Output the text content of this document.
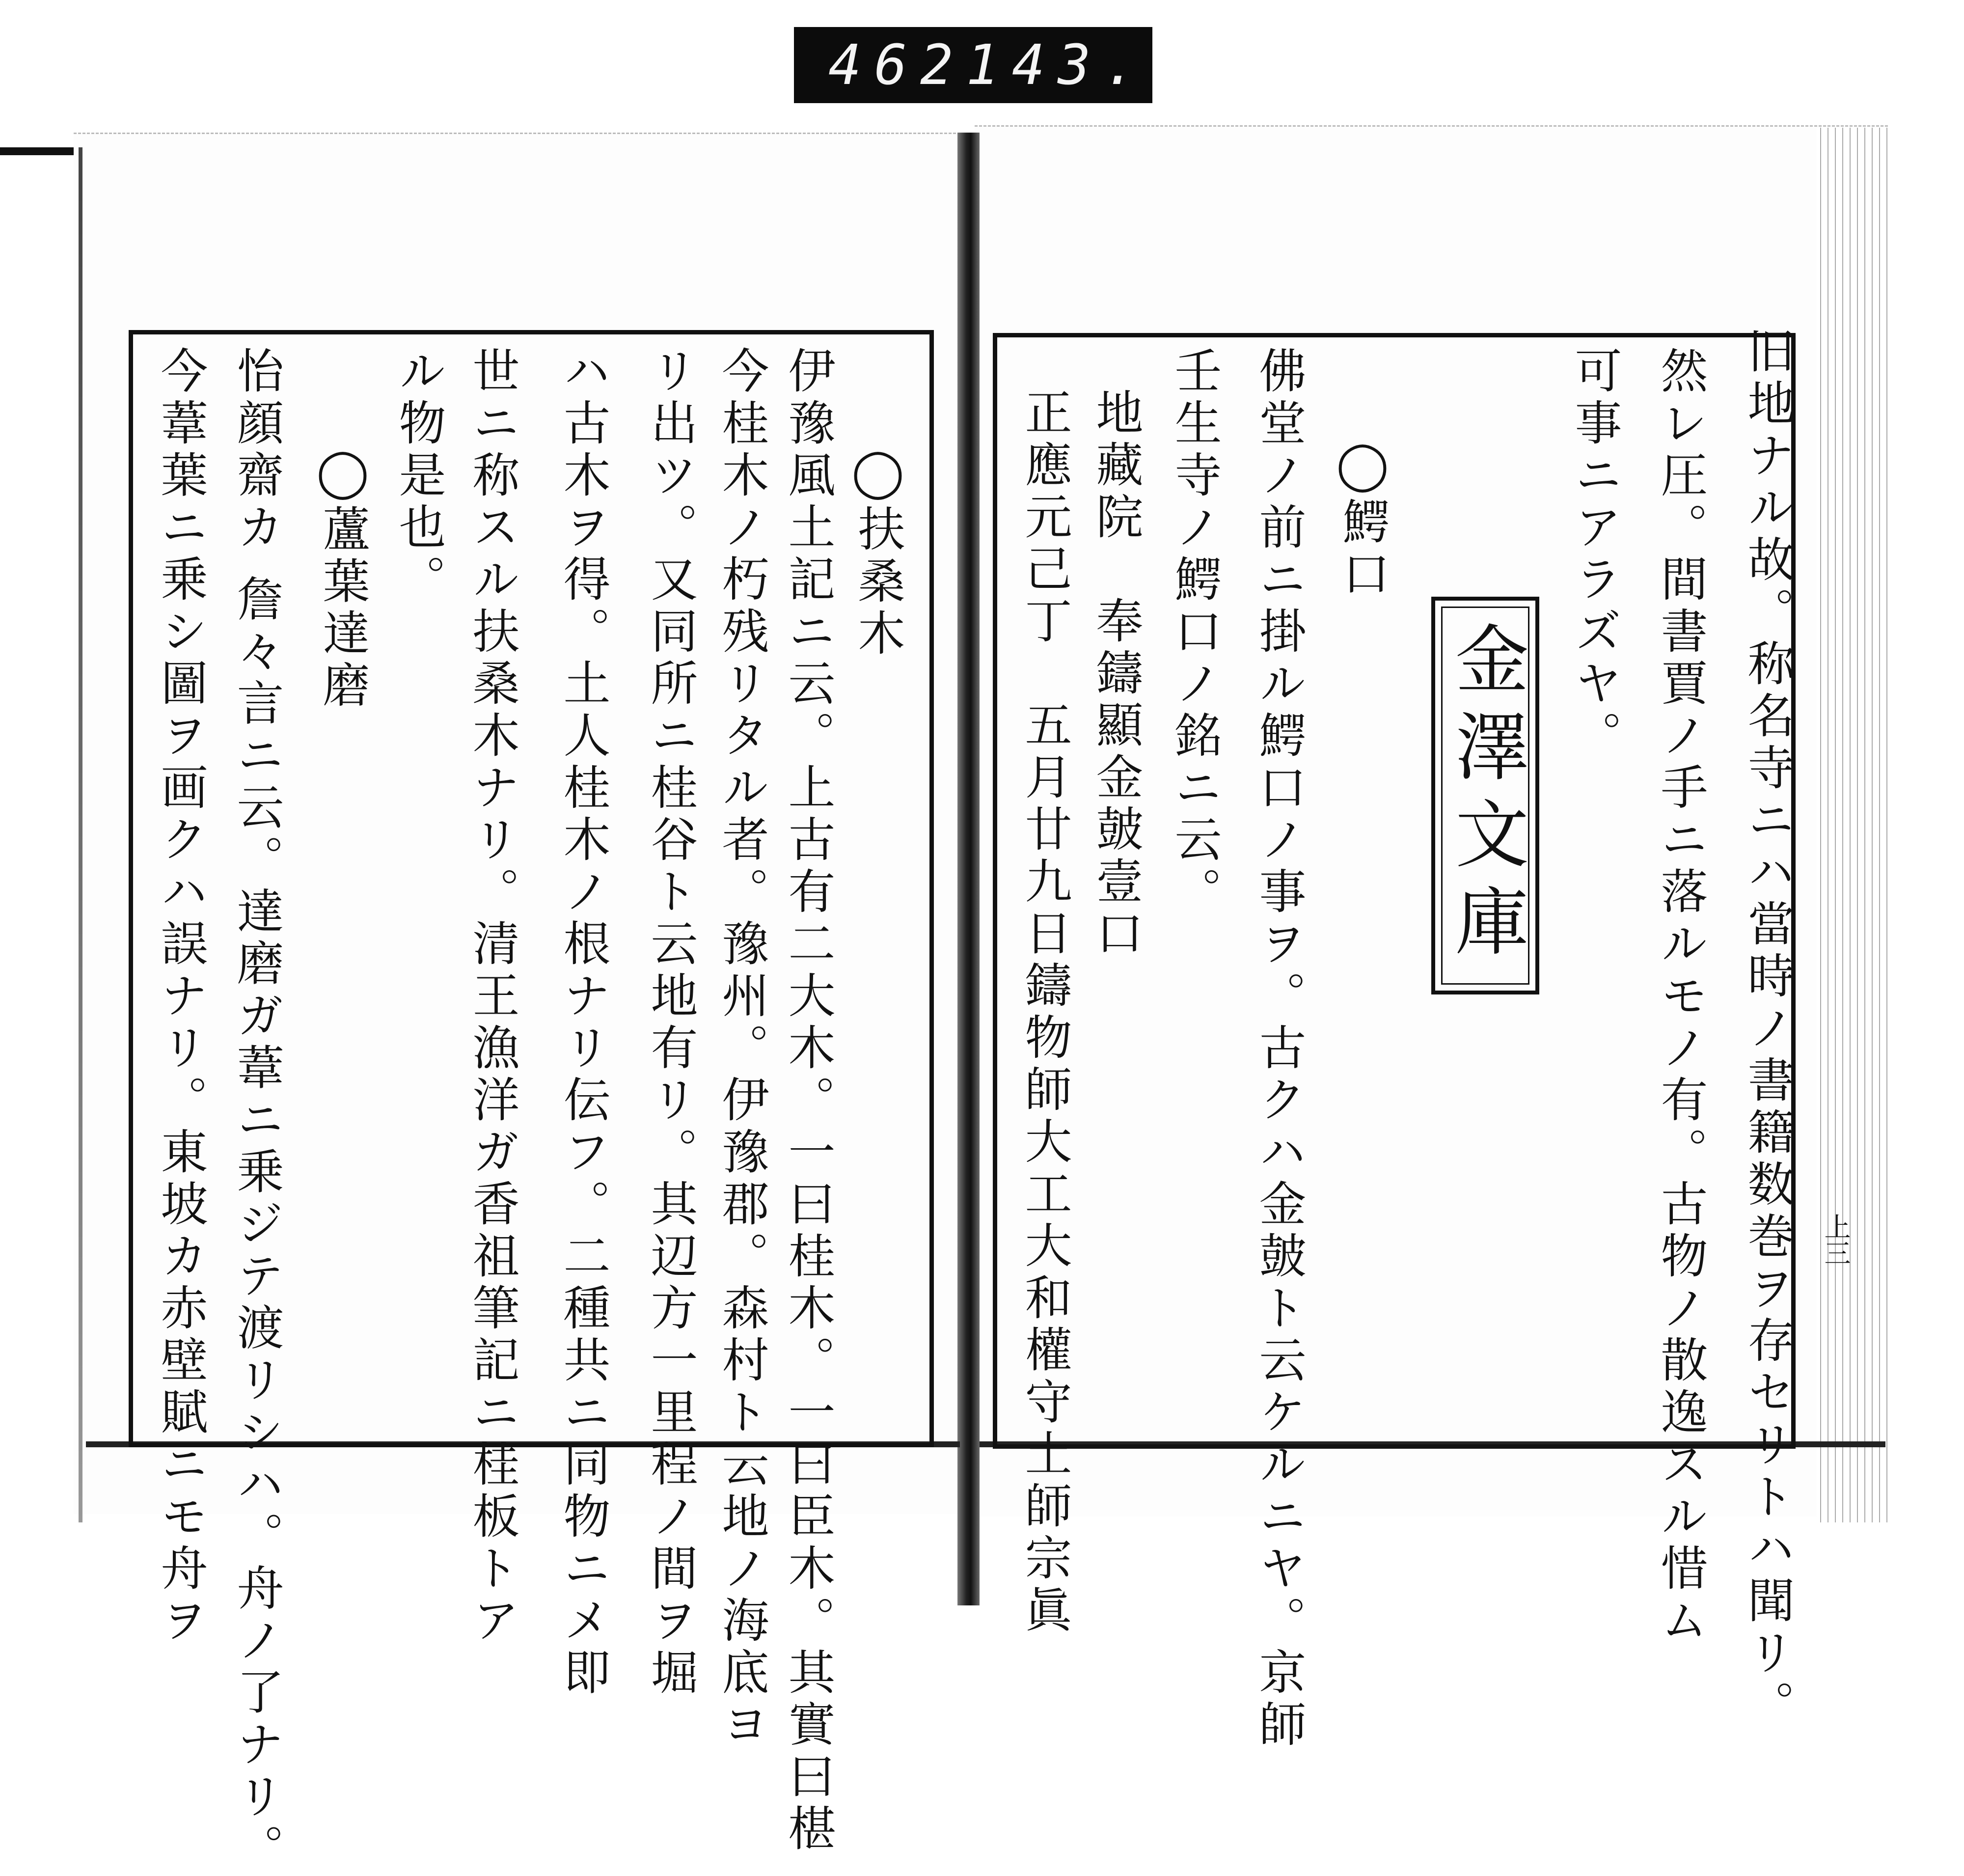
462 143.
◯扶桑木
伊豫風土記ニ云。上古有二大木。一曰桂木。一曰臣木。其實曰椹
今桂木ノ朽残リタル者。豫州。伊豫郡。森村ト云地ノ海底ヨ
リ出ツ。又同所ニ桂谷ト云地有リ。其辺方一里程ノ間ヲ堀
ハ古木ヲ得。土人桂木ノ根ナリ伝フ。二種共ニ同物ニメ即
世ニ称スル扶桑木ナリ。清王漁洋ガ香祖筆記ニ桂板トア
ル物是也。
◯蘆葉達磨
怡顔齋カ 詹々言ニ云。達磨ガ葦ニ乗ジテ渡リシハ。舟ノ了ナリ。
今葦葉ニ乗シ圖ヲ画クハ誤ナリ。東坡カ赤壁賦ニモ舟ヲ	旧地ナル故。称名寺ニハ當時ノ書籍数巻ヲ存セリトハ聞リ。
然レ圧。間書賈ノ手ニ落ルモノ有。古物ノ散逸スル惜ム
可事ニアラズヤ。
◯鰐口
佛堂ノ前ニ掛ル鰐口ノ事ヲ。古クハ金皷ト云ケルニヤ。京師
壬生寺ノ鰐口ノ銘ニ云。
地藏院　奉鑄顯金皷壹口
正應元己丁　五月廿九日鑄物師大工大和權守土師宗眞	金澤文庫
上三
